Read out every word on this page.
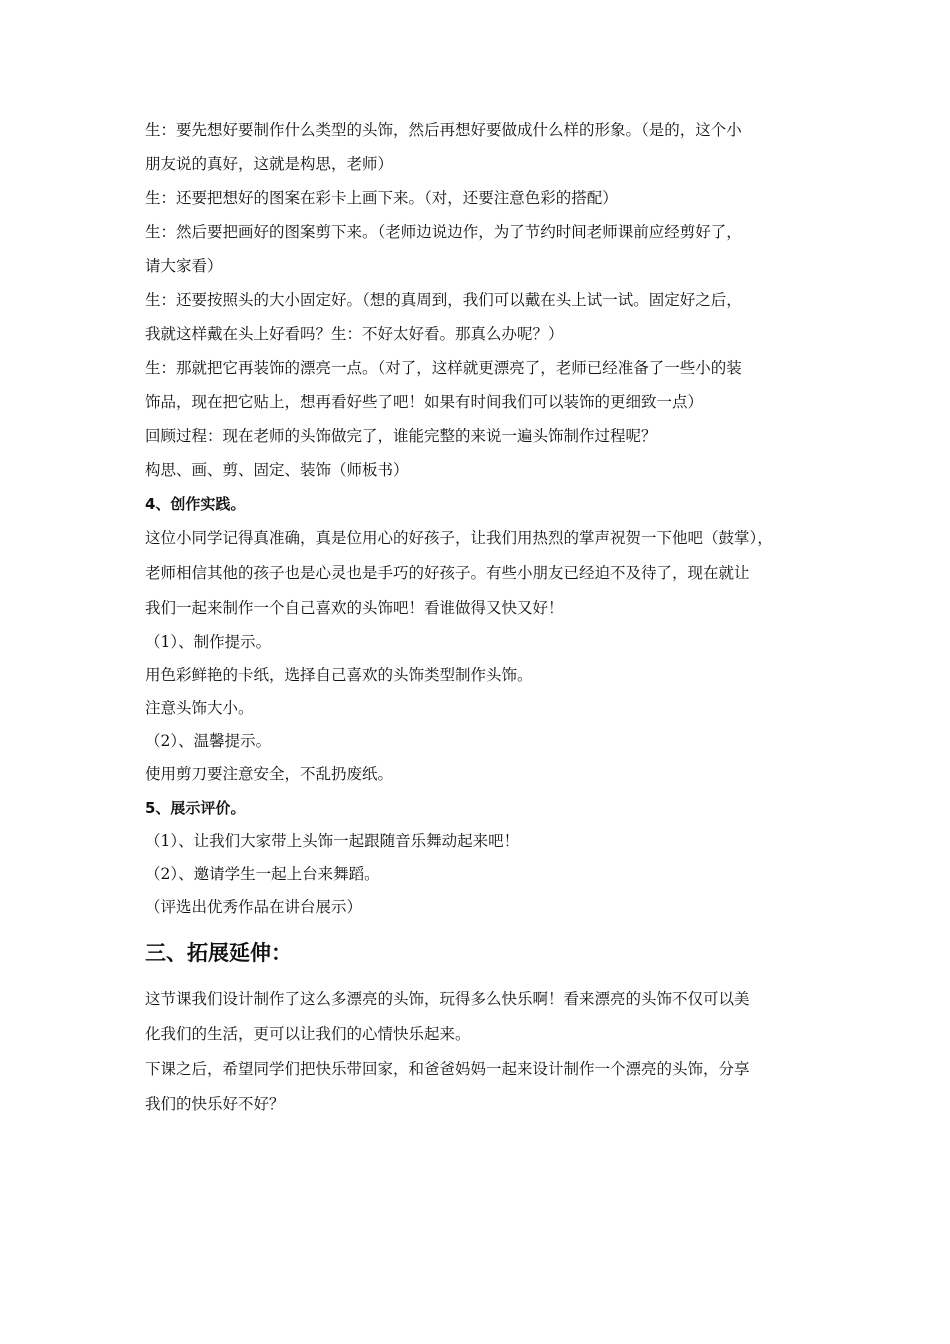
生：要先想好要制作什么类型的头饰，然后再想好要做成什么样的形象。（是的，这个小
朋友说的真好，这就是构思，老师）
生：还要把想好的图案在彩卡上画下来。（对，还要注意色彩的搭配）
生：然后要把画好的图案剪下来。（老师边说边作，为了节约时间老师课前应经剪好了，
请大家看）
生：还要按照头的大小固定好。（想的真周到，我们可以戴在头上试一试。固定好之后，
我就这样戴在头上好看吗？生：不好太好看。那真么办呢？）
生：那就把它再装饰的漂亮一点。（对了，这样就更漂亮了，老师已经准备了一些小的装
饰品，现在把它贴上，想再看好些了吧！如果有时间我们可以装饰的更细致一点）
回顾过程：现在老师的头饰做完了，谁能完整的来说一遍头饰制作过程呢？
构思、画、剪、固定、装饰（师板书）
4、创作实践。
这位小同学记得真准确，真是位用心的好孩子，让我们用热烈的掌声祝贺一下他吧（鼓掌），
老师相信其他的孩子也是心灵也是手巧的好孩子。有些小朋友已经迫不及待了，现在就让
我们一起来制作一个自己喜欢的头饰吧！看谁做得又快又好！
（1）、制作提示。
用色彩鲜艳的卡纸，选择自己喜欢的头饰类型制作头饰。
注意头饰大小。
（2）、温馨提示。
使用剪刀要注意安全，不乱扔废纸。
5、展示评价。
（1）、让我们大家带上头饰一起跟随音乐舞动起来吧！
（2）、邀请学生一起上台来舞蹈。
（评选出优秀作品在讲台展示）
三、拓展延伸：
这节课我们设计制作了这么多漂亮的头饰，玩得多么快乐啊！看来漂亮的头饰不仅可以美
化我们的生活，更可以让我们的心情快乐起来。
下课之后，希望同学们把快乐带回家，和爸爸妈妈一起来设计制作一个漂亮的头饰，分享
我们的快乐好不好？
